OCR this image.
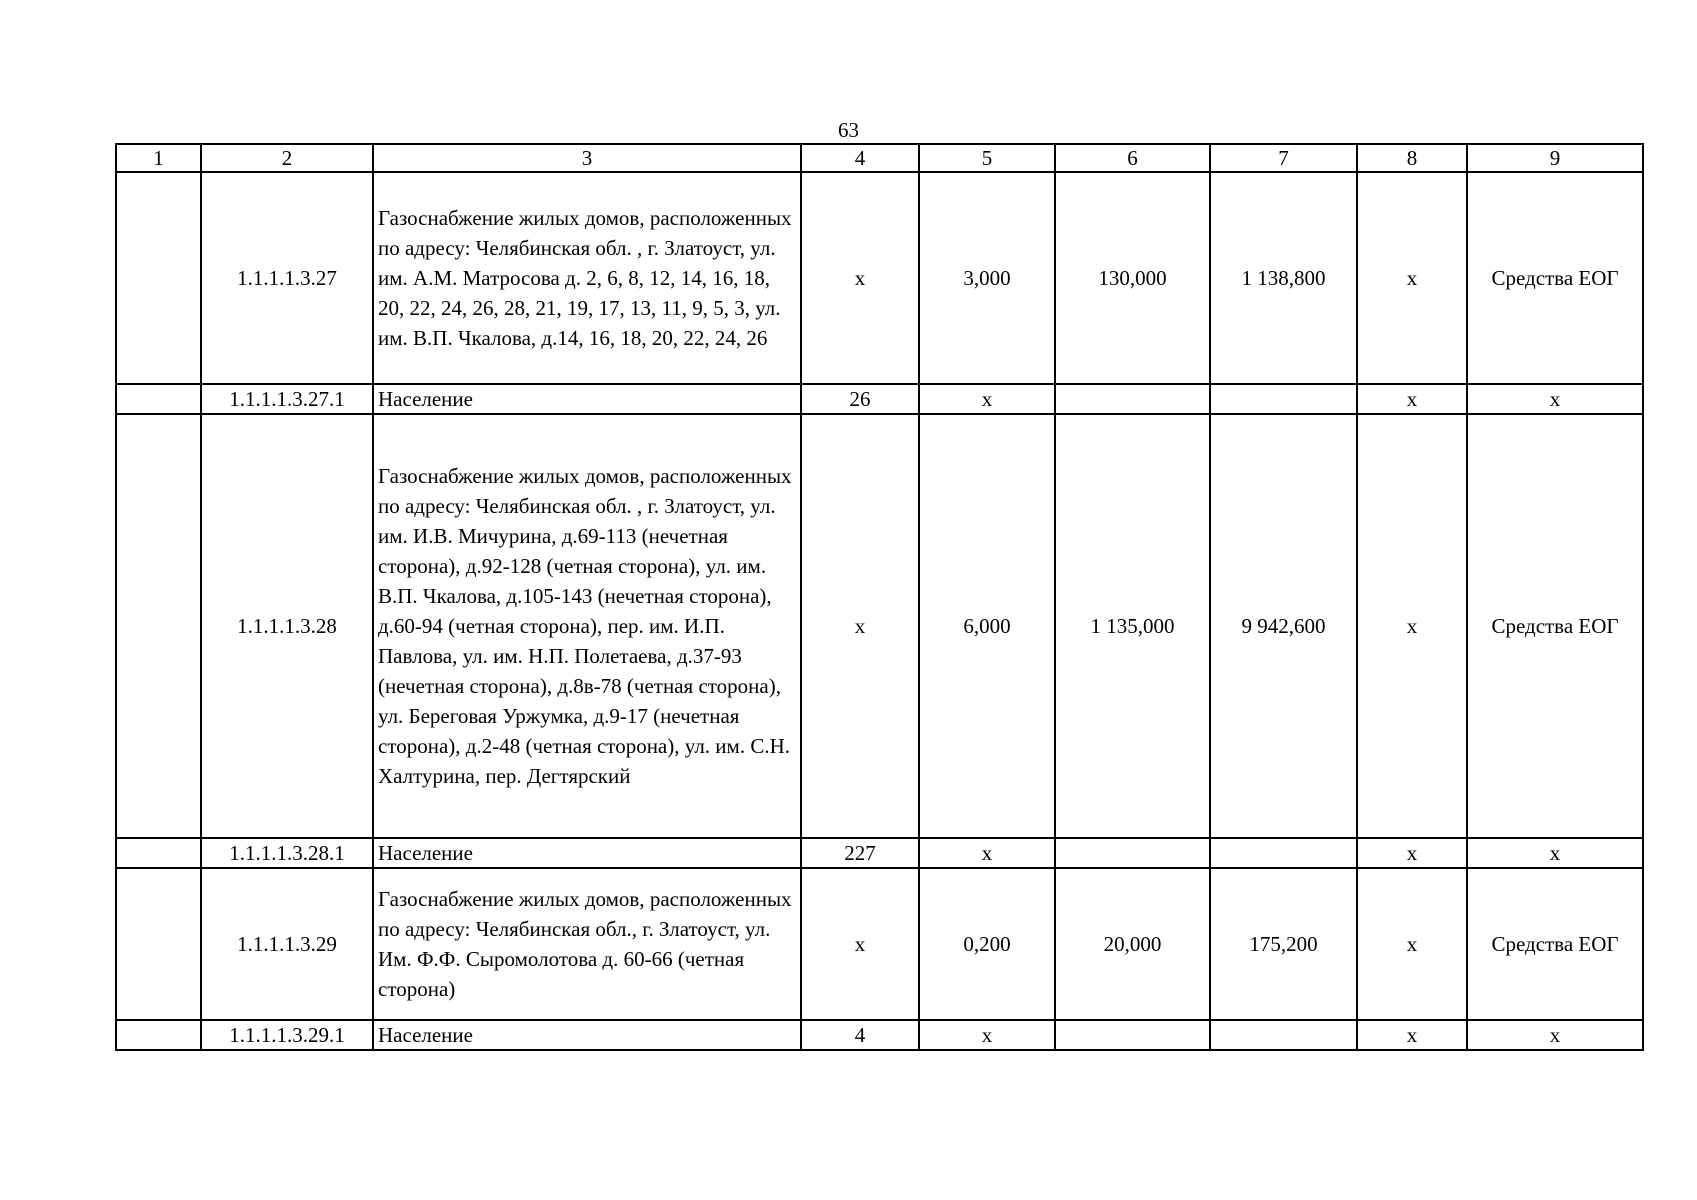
63
1	2	3	4	5	6	7	8	9
	1.1.1.1.3.27	Газоснабжение жилых домов, расположенных по адресу: Челябинская обл. , г. Златоуст, ул. им. А.М. Матросова д. 2, 6, 8, 12, 14, 16, 18, 20, 22, 24, 26, 28, 21, 19, 17, 13, 11, 9, 5, 3, ул. им. В.П. Чкалова, д.14, 16, 18, 20, 22, 24, 26	x	3,000	130,000	1 138,800	x	Средства ЕОГ
	1.1.1.1.3.27.1	Население	26	x			x	x
	1.1.1.1.3.28	Газоснабжение жилых домов, расположенных по адресу: Челябинская обл. , г. Златоуст, ул. им. И.В. Мичурина, д.69-113 (нечетная сторона), д.92-128 (четная сторона), ул. им. В.П. Чкалова, д.105-143 (нечетная сторона), д.60-94 (четная сторона), пер. им. И.П. Павлова, ул. им. Н.П. Полетаева, д.37-93 (нечетная сторона), д.8в-78 (четная сторона), ул. Береговая Уржумка, д.9-17 (нечетная сторона), д.2-48 (четная сторона), ул. им. С.Н. Халтурина, пер. Дегтярский	x	6,000	1 135,000	9 942,600	x	Средства ЕОГ
	1.1.1.1.3.28.1	Население	227	x			x	x
	1.1.1.1.3.29	Газоснабжение жилых домов, расположенных по адресу: Челябинская обл., г. Златоуст, ул. Им. Ф.Ф. Сыромолотова д. 60-66 (четная сторона)	x	0,200	20,000	175,200	x	Средства ЕОГ
	1.1.1.1.3.29.1	Население	4	x			x	x
